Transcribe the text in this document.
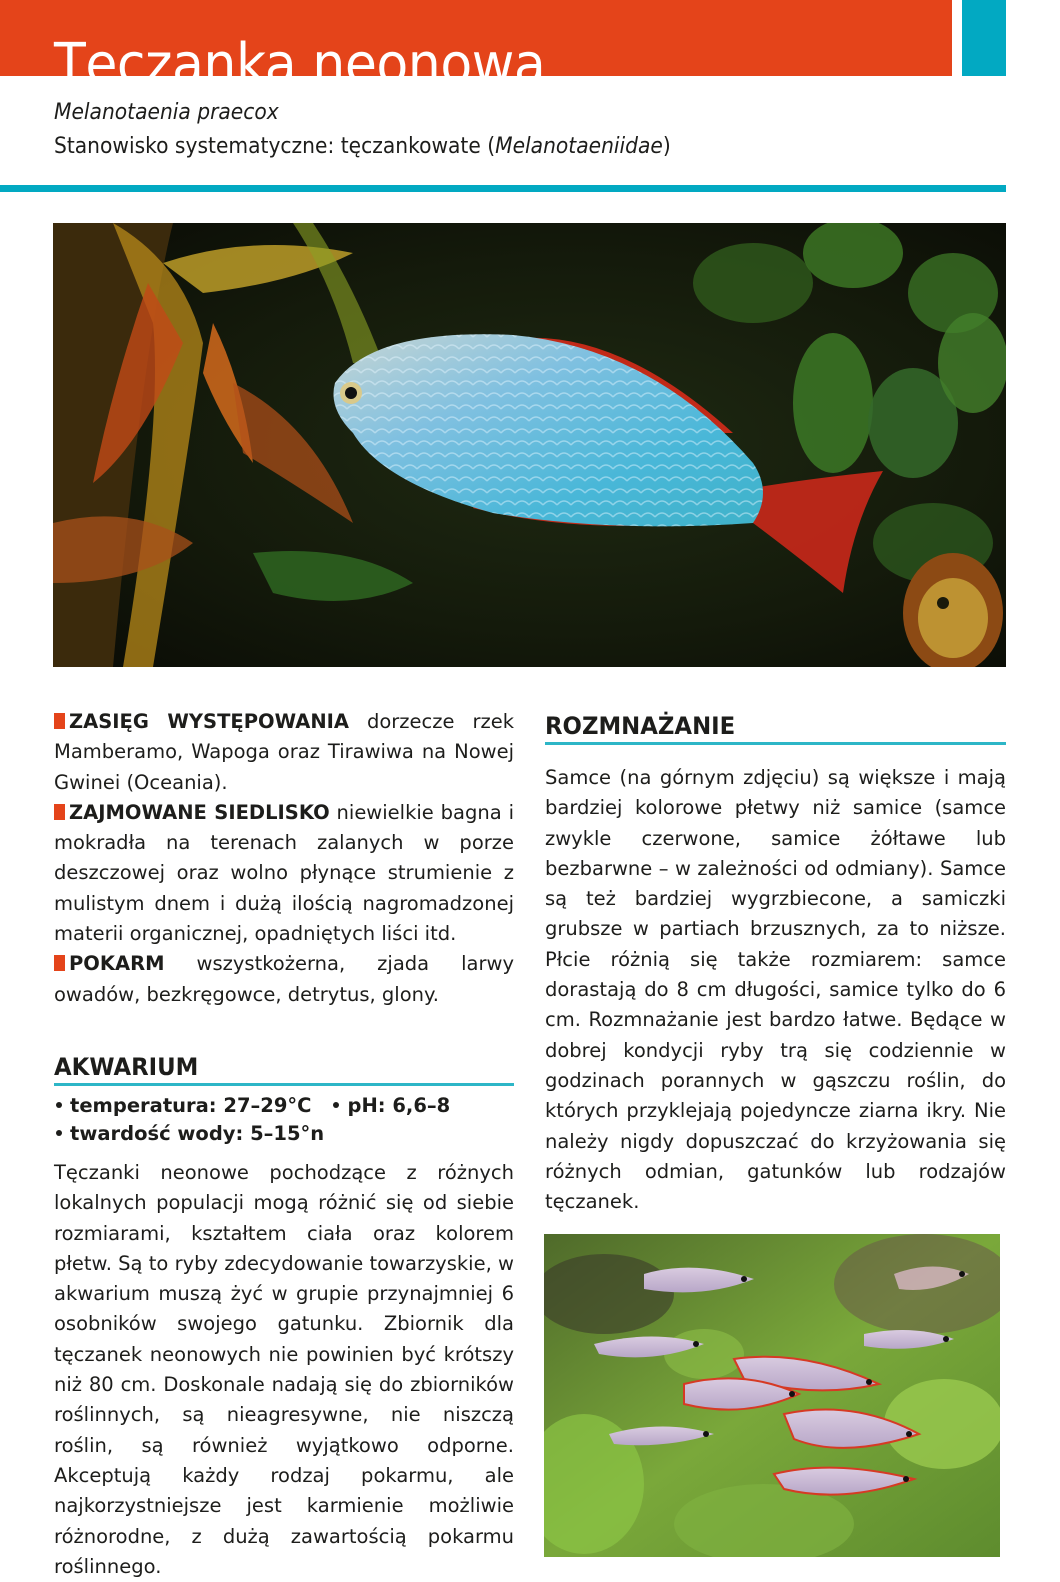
Tęczanka neonowa
Melanotaenia praecox
Stanowisko systematyczne: tęczankowate (Melanotaeniidae)

ZASIĘG WYSTĘPOWANIA dorzecze rzek Mamberamo, Wapoga oraz Tirawiwa na Nowej Gwinei (Oceania).

ZAJMOWANE SIEDLISKO niewielkie bagna i mokradła na terenach zalanych w porze deszczowej oraz wolno płynące strumienie z mulistym dnem i dużą ilością nagromadzonej materii organicznej, opadniętych liści itd.

POKARM wszystkożerna, zjada larwy owadów, bezkręgowce, detrytus, glony.

AKWARIUM
temperatura: 27–29°C pH: 6,6–8
twardość wody: 5–15°n

Tęczanki neonowe pochodzące z różnych lokalnych populacji mogą różnić się od siebie rozmiarami, kształtem ciała oraz kolorem płetw. Są to ryby zdecydowanie towarzyskie, w akwarium muszą żyć w grupie przynajmniej 6 osobników swojego gatunku. Zbiornik dla tęczanek neonowych nie powinien być krótszy niż 80 cm. Doskonale nadają się do zbiorników roślinnych, są nieagresywne, nie niszczą roślin, są również wyjątkowo odporne. Akceptują każdy rodzaj pokarmu, ale najkorzystniejsze jest karmienie możliwie różnorodne, z dużą zawartością pokarmu roślinnego.

ROZMNAŻANIE

Samce (na górnym zdjęciu) są większe i mają bardziej kolorowe płetwy niż samice (samce zwykle czerwone, samice żółtawe lub bezbarwne – w zależności od odmiany). Samce są też bardziej wygrzbiecone, a samiczki grubsze w partiach brzusznych, za to niższe. Płcie różnią się także rozmiarem: samce dorastają do 8 cm długości, samice tylko do 6 cm. Rozmnażanie jest bardzo łatwe. Będące w dobrej kondycji ryby trą się codziennie w godzinach porannych w gąszczu roślin, do których przyklejają pojedyncze ziarna ikry. Nie należy nigdy dopuszczać do krzyżowania się różnych odmian, gatunków lub rodzajów tęczanek.
